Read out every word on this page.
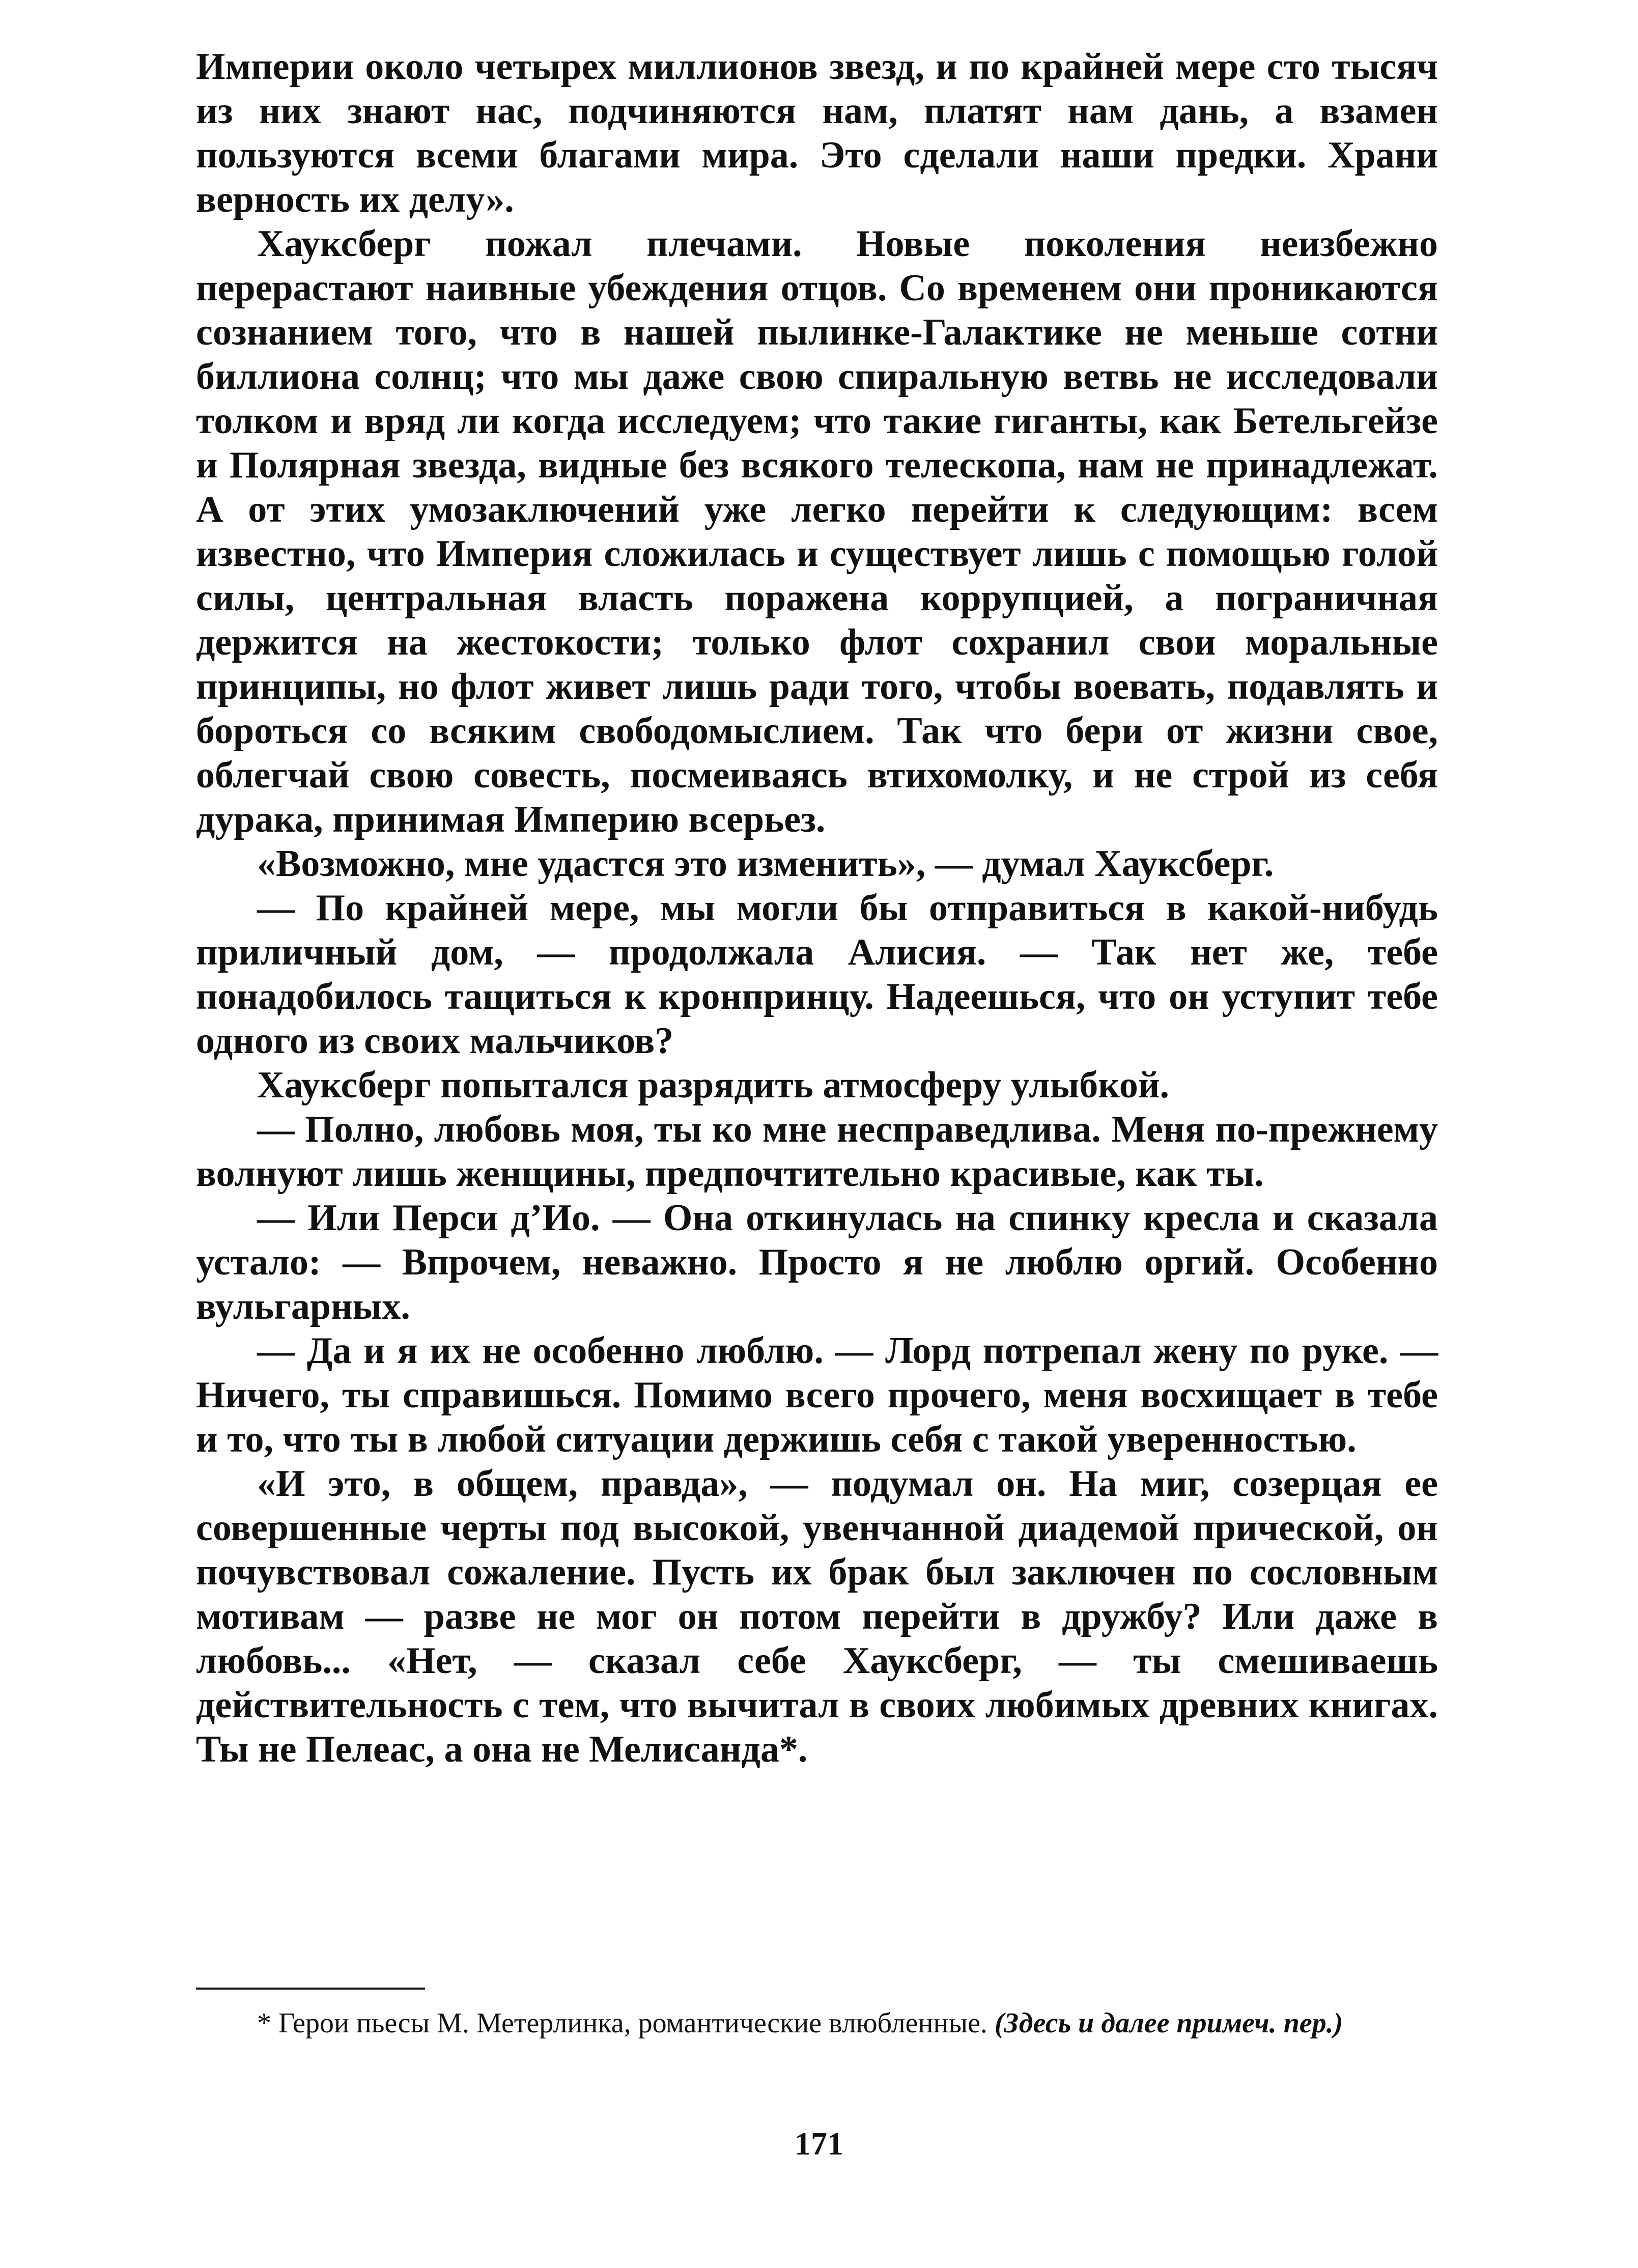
Империи около четырех миллионов звезд, и по крайней мере сто тысяч из них знают нас, подчиняются нам, платят нам дань, а взамен пользуются всеми благами мира. Это сделали наши предки. Храни верность их делу».

Хауксберг пожал плечами. Новые поколения неизбежно перерастают наивные убеждения отцов. Со временем они проникаются сознанием того, что в нашей пылинке-Галактике не меньше сотни биллиона солнц; что мы даже свою спиральную ветвь не исследовали толком и вряд ли когда исследуем; что такие гиганты, как Бетельгейзе и Полярная звезда, видные без всякого телескопа, нам не принадлежат. А от этих умозаключений уже легко перейти к следующим: всем известно, что Империя сложилась и существует лишь с помощью голой силы, центральная власть поражена коррупцией, а пограничная держится на жестокости; только флот сохранил свои моральные принципы, но флот живет лишь ради того, чтобы воевать, подавлять и бороться со всяким свободомыслием. Так что бери от жизни свое, облегчай свою совесть, посмеиваясь втихомолку, и не строй из себя дурака, принимая Империю всерьез.

«Возможно, мне удастся это изменить», — думал Хауксберг.

— По крайней мере, мы могли бы отправиться в какой-нибудь приличный дом, — продолжала Алисия. — Так нет же, тебе понадобилось тащиться к кронпринцу. Надеешься, что он уступит тебе одного из своих мальчиков?

Хауксберг попытался разрядить атмосферу улыбкой.

— Полно, любовь моя, ты ко мне несправедлива. Меня по-прежнему волнуют лишь женщины, предпочтительно красивые, как ты.

— Или Перси д’Ио. — Она откинулась на спинку кресла и сказала устало: — Впрочем, неважно. Просто я не люблю оргий. Особенно вульгарных.

— Да и я их не особенно люблю. — Лорд потрепал жену по руке. — Ничего, ты справишься. Помимо всего прочего, меня восхищает в тебе и то, что ты в любой ситуации держишь себя с такой уверенностью.

«И это, в общем, правда», — подумал он. На миг, созерцая ее совершенные черты под высокой, увенчанной диадемой прической, он почувствовал сожаление. Пусть их брак был заключен по сословным мотивам — разве не мог он потом перейти в дружбу? Или даже в любовь... «Нет, — сказал себе Хауксберг, — ты смешиваешь действительность с тем, что вычитал в своих любимых древних книгах. Ты не Пелеас, а она не Мелисанда*.

* Герои пьесы М. Метерлинка, романтические влюбленные. (Здесь и далее примеч. пер.)

171
